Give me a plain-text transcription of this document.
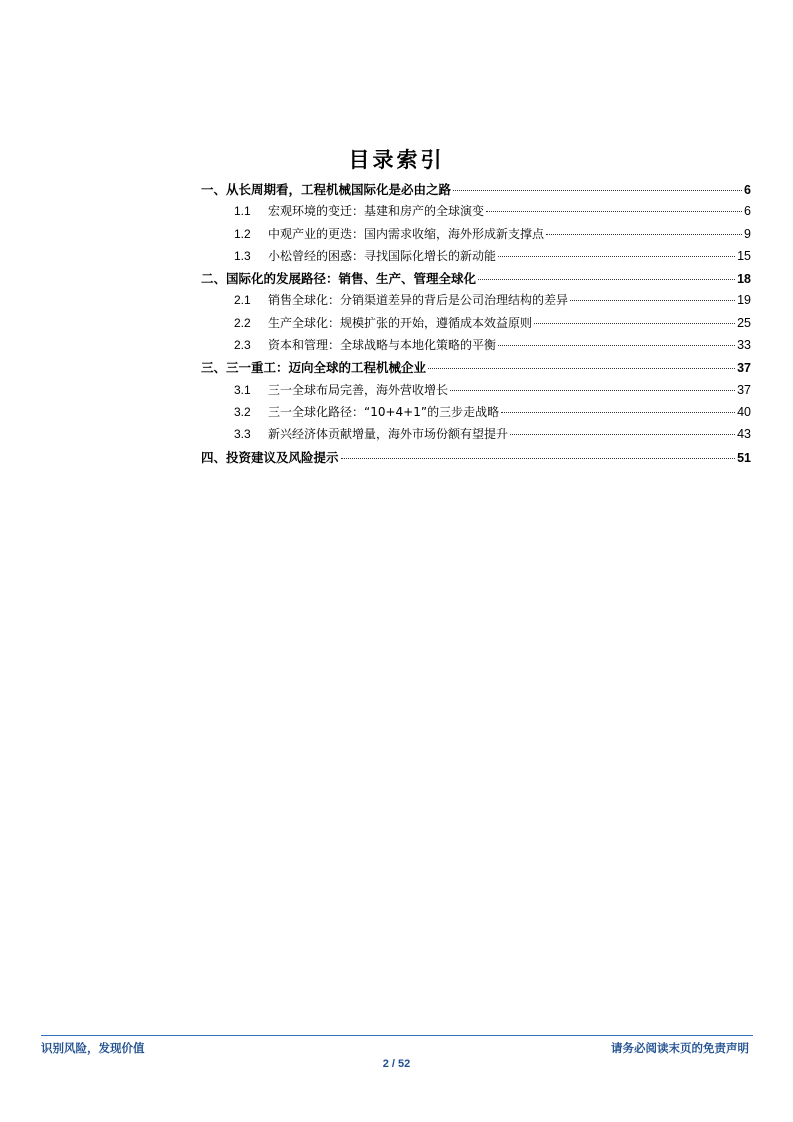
目录索引
一、从长周期看，工程机械国际化是必由之路	6
1.1	宏观环境的变迁：基建和房产的全球演变	6
1.2	中观产业的更迭：国内需求收缩，海外形成新支撑点	9
1.3	小松曾经的困惑：寻找国际化增长的新动能	15
二、国际化的发展路径：销售、生产、管理全球化	18
2.1	销售全球化：分销渠道差异的背后是公司治理结构的差异	19
2.2	生产全球化：规模扩张的开始，遵循成本效益原则	25
2.3	资本和管理：全球战略与本地化策略的平衡	33
三、三一重工：迈向全球的工程机械企业	37
3.1	三一全球布局完善，海外营收增长	37
3.2	三一全球化路径：“10+4+1”的三步走战略	40
3.3	新兴经济体贡献增量，海外市场份额有望提升	43
四、投资建议及风险提示	51
识别风险，发现价值	请务必阅读末页的免责声明
2 / 52
